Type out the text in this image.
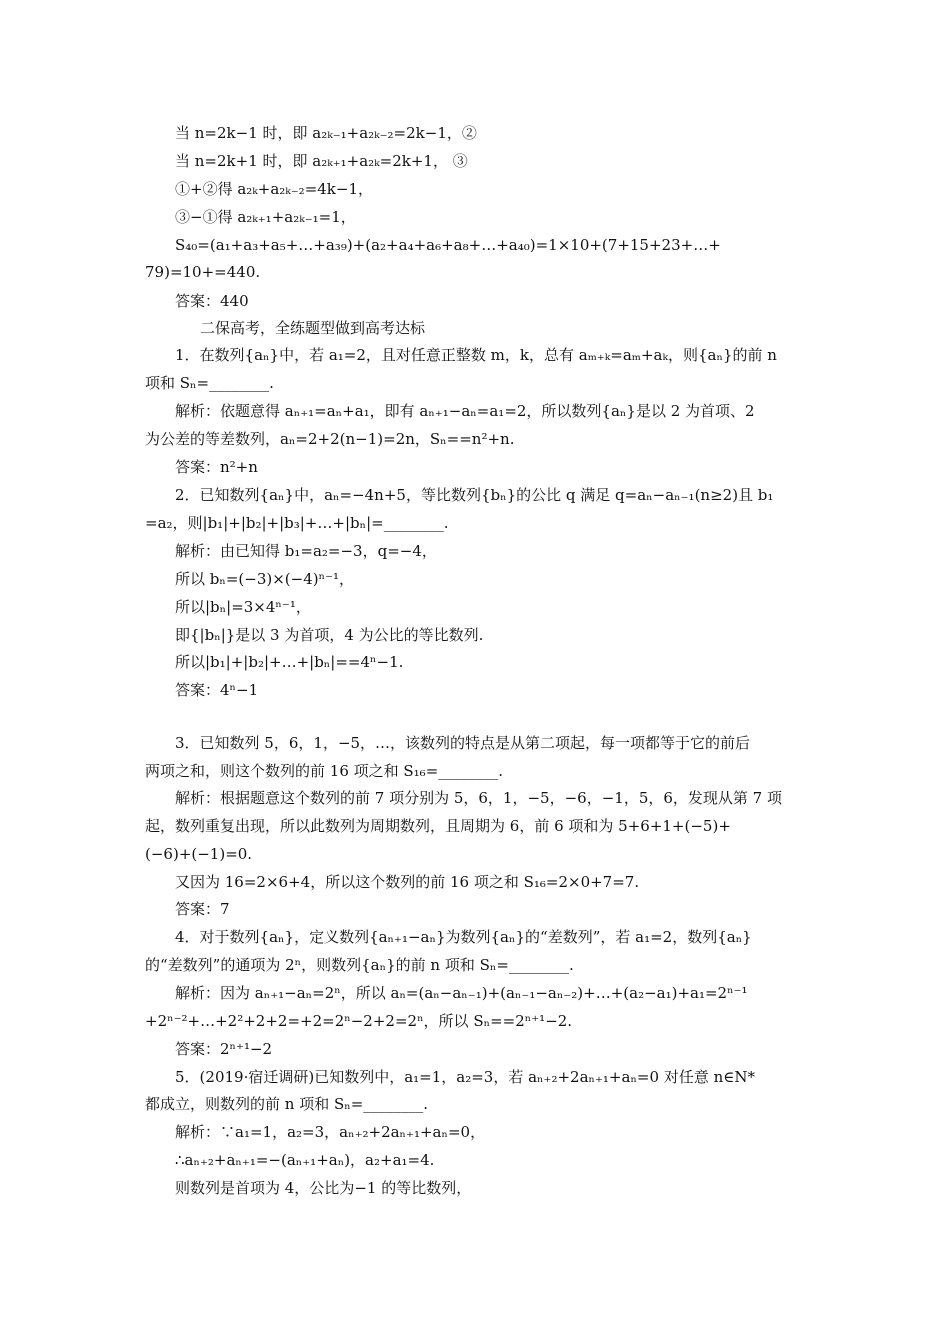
当 n=2k−1 时，即 a₂ₖ₋₁+a₂ₖ₋₂=2k−1，②
当 n=2k+1 时，即 a₂ₖ₊₁+a₂ₖ=2k+1， ③
①+②得 a₂ₖ+a₂ₖ₋₂=4k−1，
③−①得 a₂ₖ₊₁+a₂ₖ₋₁=1，
S₄₀=(a₁+a₃+a₅+…+a₃₉)+(a₂+a₄+a₆+a₈+…+a₄₀)=1×10+(7+15+23+…+
79)=10+=440.
答案：440
二保高考，全练题型做到高考达标
1．在数列{aₙ}中，若 a₁=2，且对任意正整数 m，k，总有 aₘ₊ₖ=aₘ+aₖ，则{aₙ}的前 n
项和 Sₙ=________.
解析：依题意得 aₙ₊₁=aₙ+a₁，即有 aₙ₊₁−aₙ=a₁=2，所以数列{aₙ}是以 2 为首项、2
为公差的等差数列，aₙ=2+2(n−1)=2n，Sₙ==n²+n.
答案：n²+n
2．已知数列{aₙ}中，aₙ=−4n+5，等比数列{bₙ}的公比 q 满足 q=aₙ−aₙ₋₁(n≥2)且 b₁
=a₂，则|b₁|+|b₂|+|b₃|+…+|bₙ|=________.
解析：由已知得 b₁=a₂=−3，q=−4，
所以 bₙ=(−3)×(−4)ⁿ⁻¹，
所以|bₙ|=3×4ⁿ⁻¹，
即{|bₙ|}是以 3 为首项，4 为公比的等比数列.
所以|b₁|+|b₂|+…+|bₙ|==4ⁿ−1.
答案：4ⁿ−1
3．已知数列 5，6，1，−5，…，该数列的特点是从第二项起，每一项都等于它的前后
两项之和，则这个数列的前 16 项之和 S₁₆=________.
解析：根据题意这个数列的前 7 项分别为 5，6，1，−5，−6，−1，5，6，发现从第 7 项
起，数列重复出现，所以此数列为周期数列，且周期为 6，前 6 项和为 5+6+1+(−5)+
(−6)+(−1)=0.
又因为 16=2×6+4，所以这个数列的前 16 项之和 S₁₆=2×0+7=7.
答案：7
4．对于数列{aₙ}，定义数列{aₙ₊₁−aₙ}为数列{aₙ}的“差数列”，若 a₁=2，数列{aₙ}
的“差数列”的通项为 2ⁿ，则数列{aₙ}的前 n 项和 Sₙ=________.
解析：因为 aₙ₊₁−aₙ=2ⁿ，所以 aₙ=(aₙ−aₙ₋₁)+(aₙ₋₁−aₙ₋₂)+…+(a₂−a₁)+a₁=2ⁿ⁻¹
+2ⁿ⁻²+…+2²+2+2=+2=2ⁿ−2+2=2ⁿ，所以 Sₙ==2ⁿ⁺¹−2.
答案：2ⁿ⁺¹−2
5．(2019·宿迁调研)已知数列中，a₁=1，a₂=3，若 aₙ₊₂+2aₙ₊₁+aₙ=0 对任意 n∈N*
都成立，则数列的前 n 项和 Sₙ=________.
解析：∵a₁=1，a₂=3，aₙ₊₂+2aₙ₊₁+aₙ=0，
∴aₙ₊₂+aₙ₊₁=−(aₙ₊₁+aₙ)，a₂+a₁=4.
则数列是首项为 4，公比为−1 的等比数列，
